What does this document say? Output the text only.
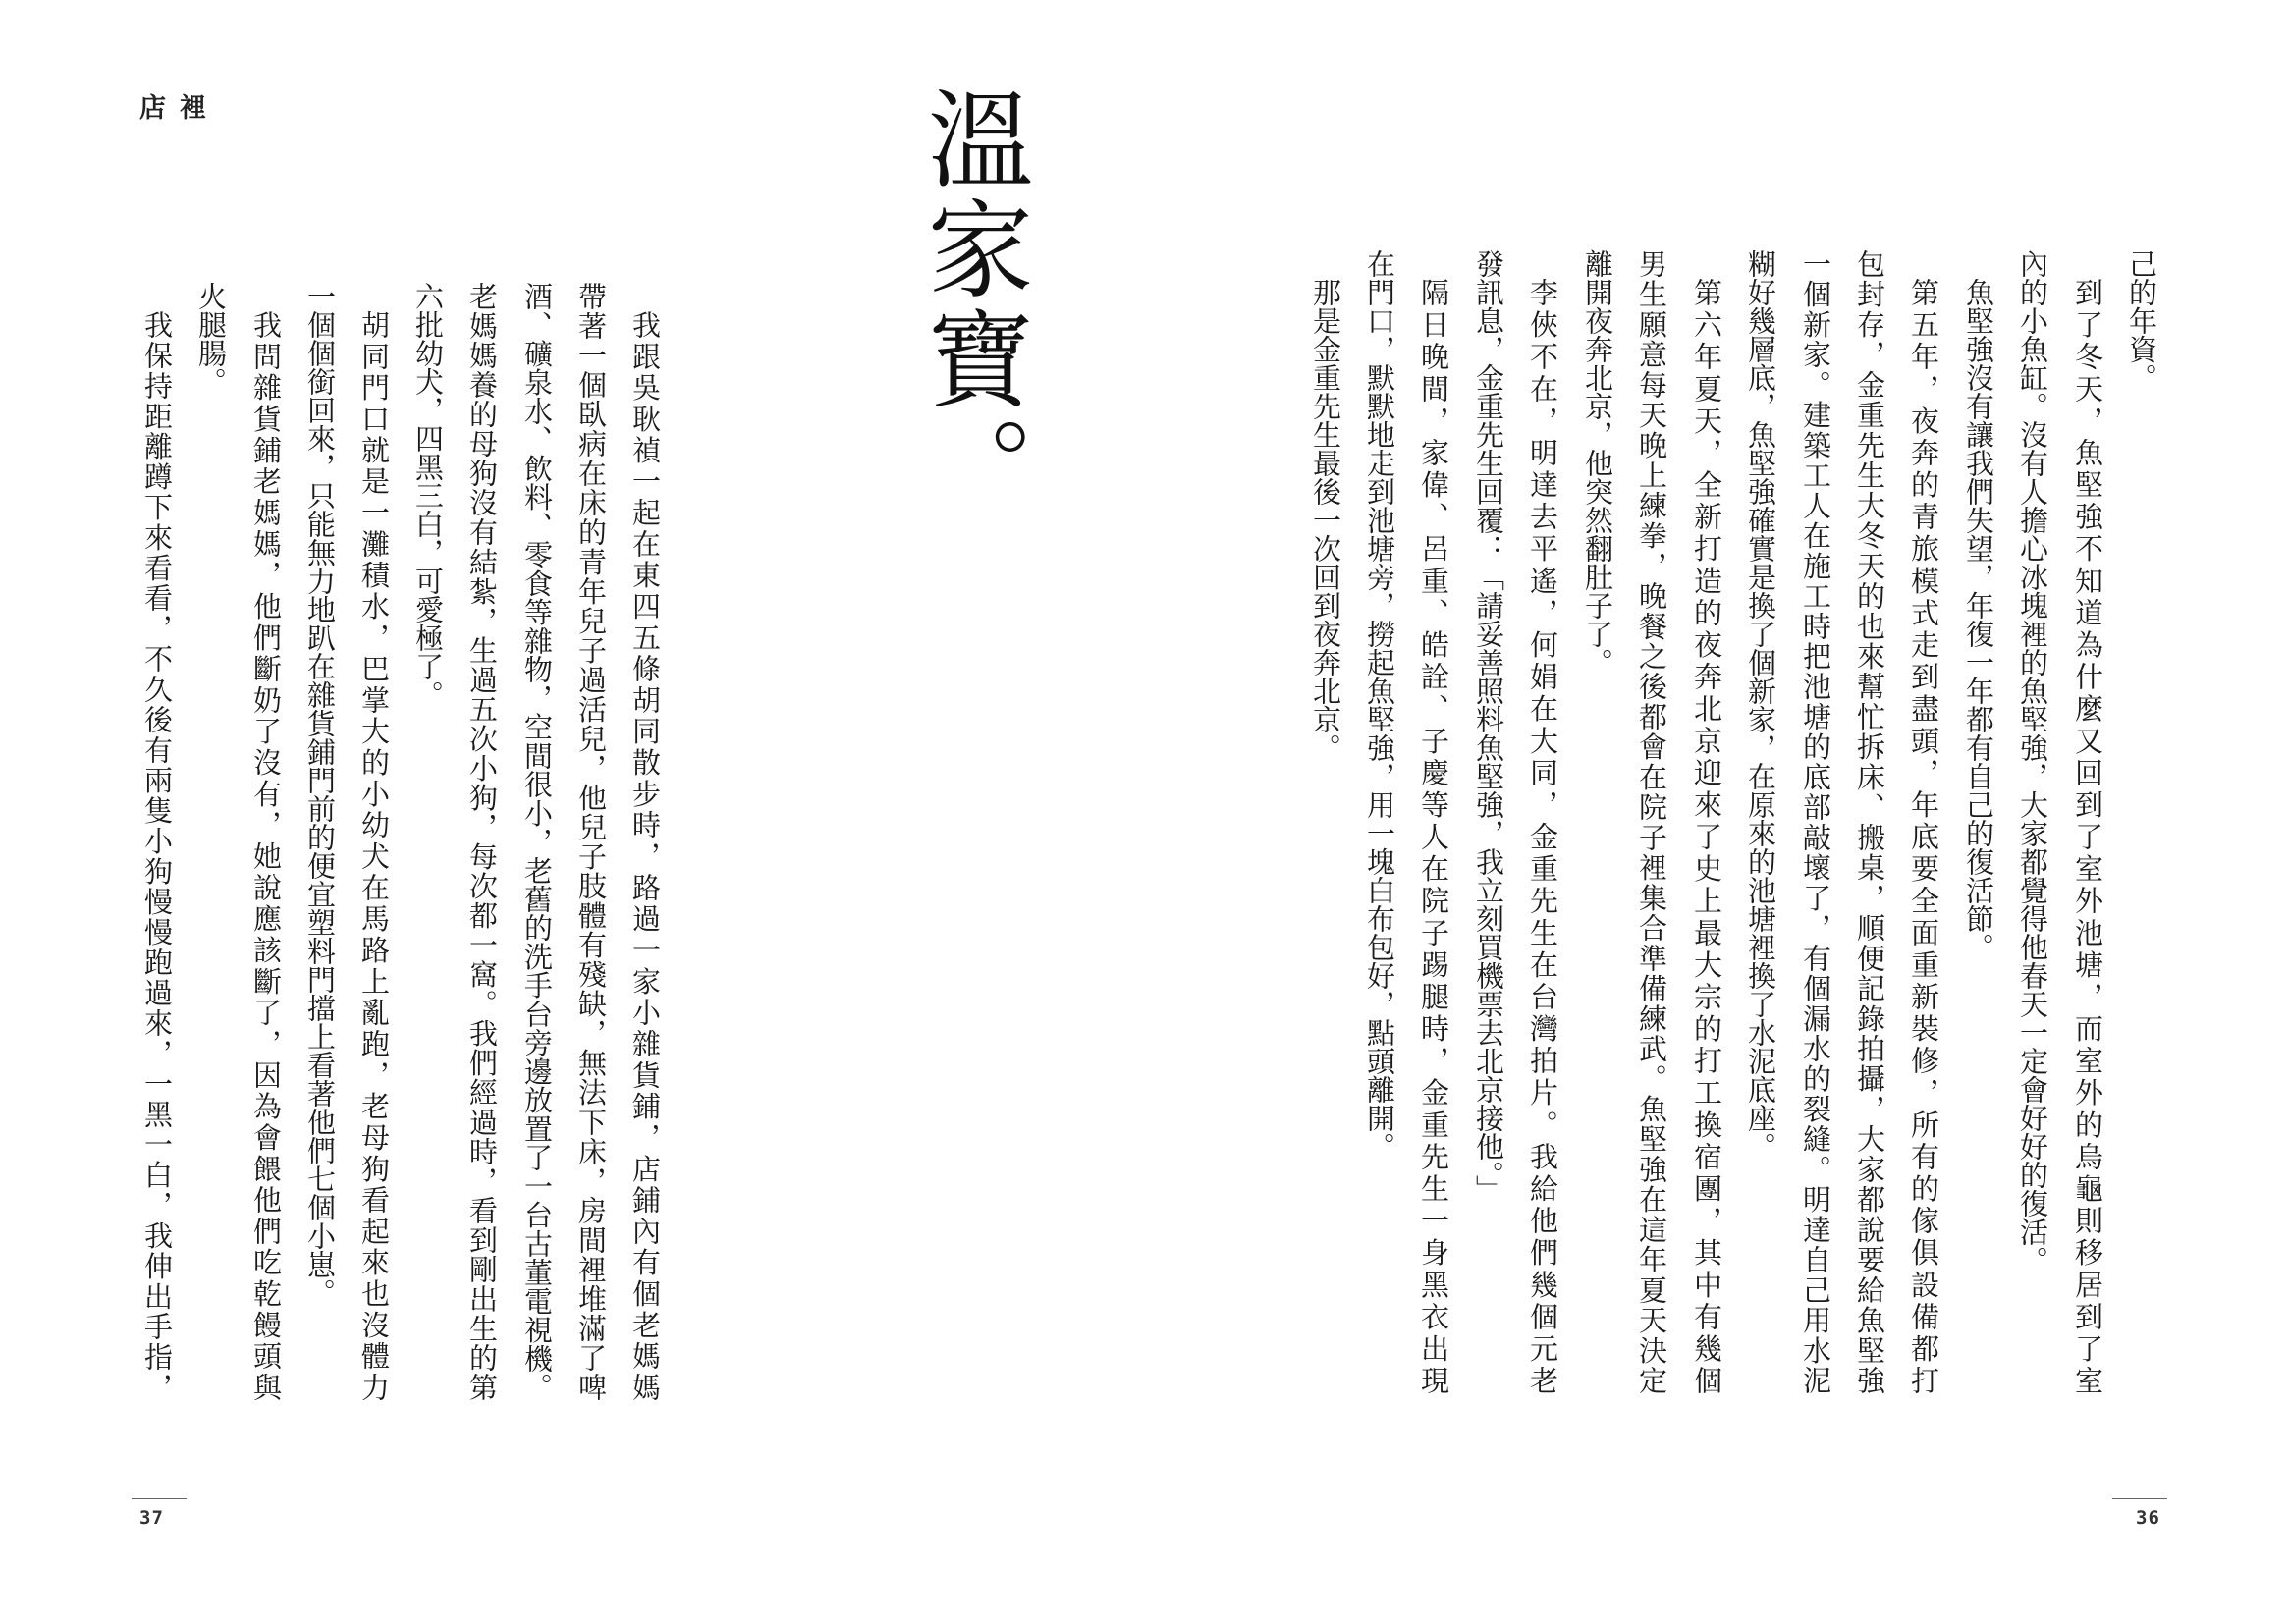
店裡	溫家寶。
我跟吳耿禎一起在東四五條胡同散步時，路過一家小雜貨鋪，店鋪內有個老媽媽
帶著一個臥病在床的青年兒子過活兒，他兒子肢體有殘缺，無法下床，房間裡堆滿了啤
酒、礦泉水、飲料、零食等雜物，空間很小，老舊的洗手台旁邊放置了一台古董電視機。
老媽媽養的母狗沒有結紮，生過五次小狗，每次都一窩。我們經過時，看到剛出生的第
六批幼犬，四黑三白，可愛極了。
胡同門口就是一灘積水，巴掌大的小幼犬在馬路上亂跑，老母狗看起來也沒體力
一個個銜回來，只能無力地趴在雜貨鋪門前的便宜塑料門擋上看著他們七個小崽。
我問雜貨鋪老媽媽，他們斷奶了沒有，她說應該斷了，因為會餵他們吃乾饅頭與
火腿腸。
我保持距離蹲下來看看，不久後有兩隻小狗慢慢跑過來，一黑一白，我伸出手指，
37
己的年資。
到了冬天，魚堅強不知道為什麼又回到了室外池塘，而室外的烏龜則移居到了室
內的小魚缸。沒有人擔心冰塊裡的魚堅強，大家都覺得他春天一定會好好的復活。
魚堅強沒有讓我們失望，年復一年都有自己的復活節。
第五年，夜奔的青旅模式走到盡頭，年底要全面重新裝修，所有的傢俱設備都打
包封存，金重先生大冬天的也來幫忙拆床、搬桌，順便記錄拍攝，大家都說要給魚堅強
一個新家。建築工人在施工時把池塘的底部敲壞了，有個漏水的裂縫。明達自己用水泥
糊好幾層底，魚堅強確實是換了個新家，在原來的池塘裡換了水泥底座。
第六年夏天，全新打造的夜奔北京迎來了史上最大宗的打工換宿團，其中有幾個
男生願意每天晚上練拳，晚餐之後都會在院子裡集合準備練武。魚堅強在這年夏天決定
離開夜奔北京，他突然翻肚子了。
李俠不在，明達去平遙，何娟在大同，金重先生在台灣拍片。我給他們幾個元老
發訊息，金重先生回覆：「請妥善照料魚堅強，我立刻買機票去北京接他。」
隔日晚間，家偉、呂重、皓詮、子慶等人在院子踢腿時，金重先生一身黑衣出現
在門口，默默地走到池塘旁，撈起魚堅強，用一塊白布包好，點頭離開。
那是金重先生最後一次回到夜奔北京。
36
